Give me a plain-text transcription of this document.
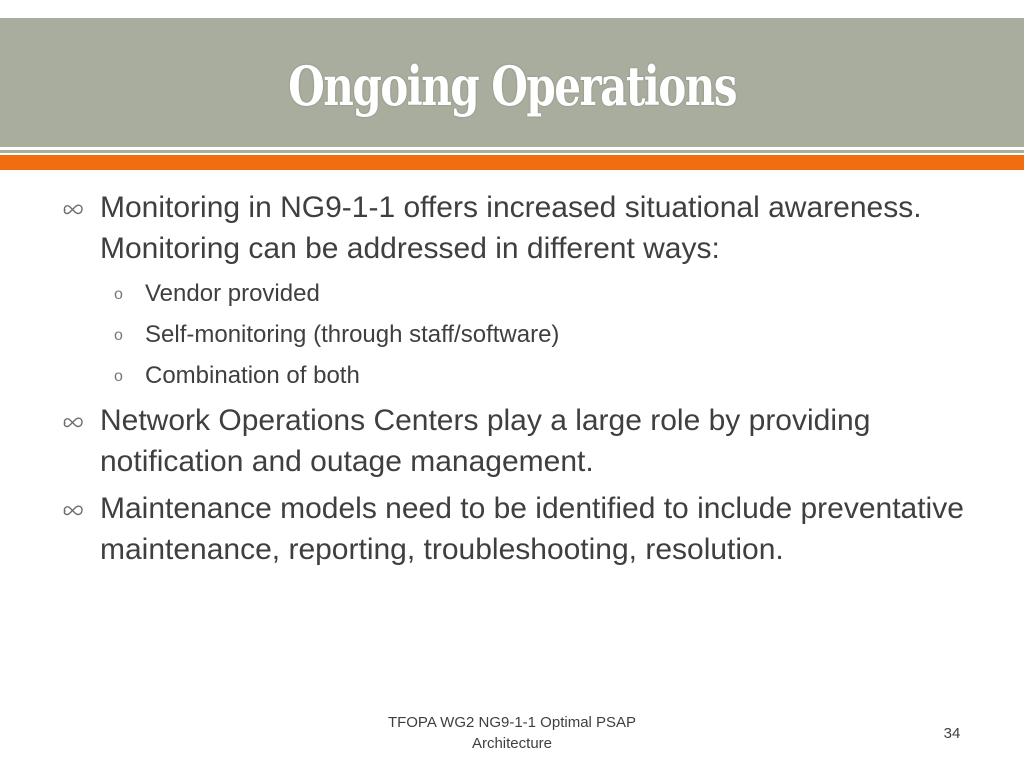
Ongoing Operations
Monitoring in NG9-1-1 offers increased situational awareness. Monitoring can be addressed in different ways:
o Vendor provided
o Self-monitoring (through staff/software)
o Combination of both
Network Operations Centers play a large role by providing notification and outage management.
Maintenance models need to be identified to include preventative maintenance, reporting, troubleshooting, resolution.
TFOPA WG2 NG9-1-1 Optimal PSAP
Architecture
34
